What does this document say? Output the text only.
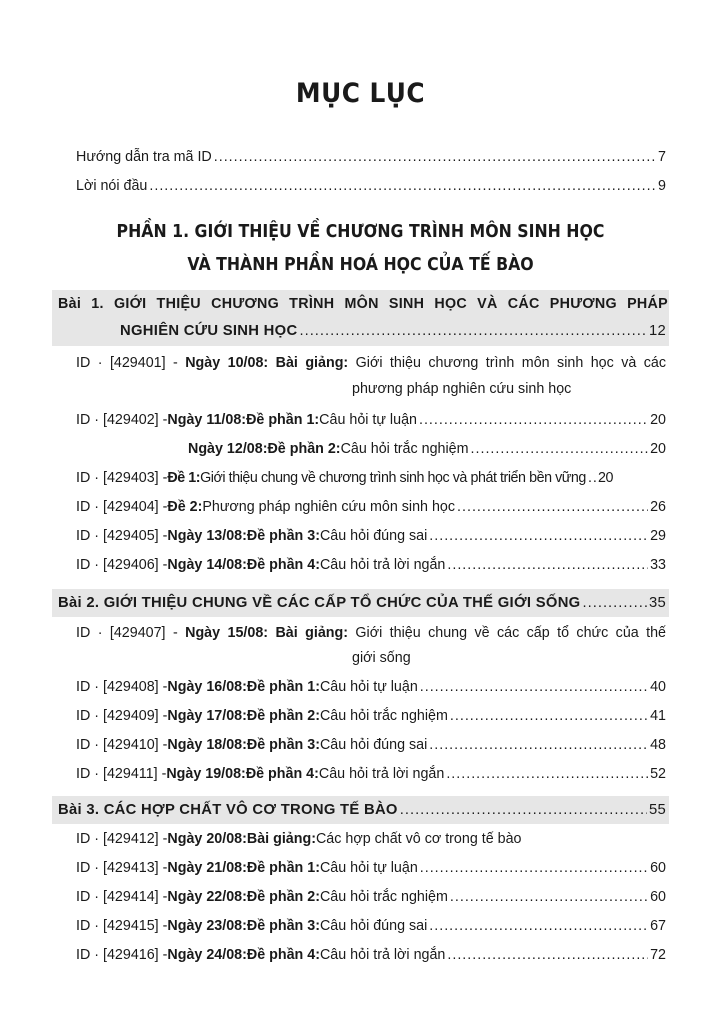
MỤC LỤC
Hướng dẫn tra mã ID .....	7
Lời nói đầu .....	9
PHẦN 1. GIỚI THIỆU VỀ CHƯƠNG TRÌNH MÔN SINH HỌC
VÀ THÀNH PHẦN HOÁ HỌC CỦA TẾ BÀO
Bài 1. GIỚI THIỆU CHƯƠNG TRÌNH MÔN SINH HỌC VÀ CÁC PHƯƠNG PHÁP
NGHIÊN CỨU SINH HỌC .....	12
ID · [429401] - Ngày 10/08: Bài giảng: Giới thiệu chương trình môn sinh học và các
phương pháp nghiên cứu sinh học
ID · [429402] - Ngày 11/08: Đề phần 1: Câu hỏi tự luận .....	20
Ngày 12/08: Đề phần 2: Câu hỏi trắc nghiệm .....	20
ID · [429403] - Đề 1: Giới thiệu chung về chương trình sinh học và phát triển bền vững ..... 20
ID · [429404] - Đề 2: Phương pháp nghiên cứu môn sinh học .....	26
ID · [429405] - Ngày 13/08: Đề phần 3: Câu hỏi đúng sai .....	29
ID · [429406] - Ngày 14/08: Đề phần 4: Câu hỏi trả lời ngắn .....	33
Bài 2. GIỚI THIỆU CHUNG VỀ CÁC CẤP TỔ CHỨC CỦA THẾ GIỚI SỐNG .....	35
ID · [429407] - Ngày 15/08: Bài giảng: Giới thiệu chung về các cấp tổ chức của thế
giới sống
ID · [429408] - Ngày 16/08: Đề phần 1: Câu hỏi tự luận .....	40
ID · [429409] - Ngày 17/08: Đề phần 2: Câu hỏi trắc nghiệm .....	41
ID · [429410] - Ngày 18/08: Đề phần 3: Câu hỏi đúng sai .....	48
ID · [429411] - Ngày 19/08: Đề phần 4: Câu hỏi trả lời ngắn .....	52
Bài 3. CÁC HỢP CHẤT VÔ CƠ TRONG TẾ BÀO .....	55
ID · [429412] - Ngày 20/08: Bài giảng: Các hợp chất vô cơ trong tế bào
ID · [429413] - Ngày 21/08: Đề phần 1: Câu hỏi tự luận .....	60
ID · [429414] - Ngày 22/08: Đề phần 2: Câu hỏi trắc nghiệm .....	60
ID · [429415] - Ngày 23/08: Đề phần 3: Câu hỏi đúng sai .....	67
ID · [429416] - Ngày 24/08: Đề phần 4: Câu hỏi trả lời ngắn .....	72
